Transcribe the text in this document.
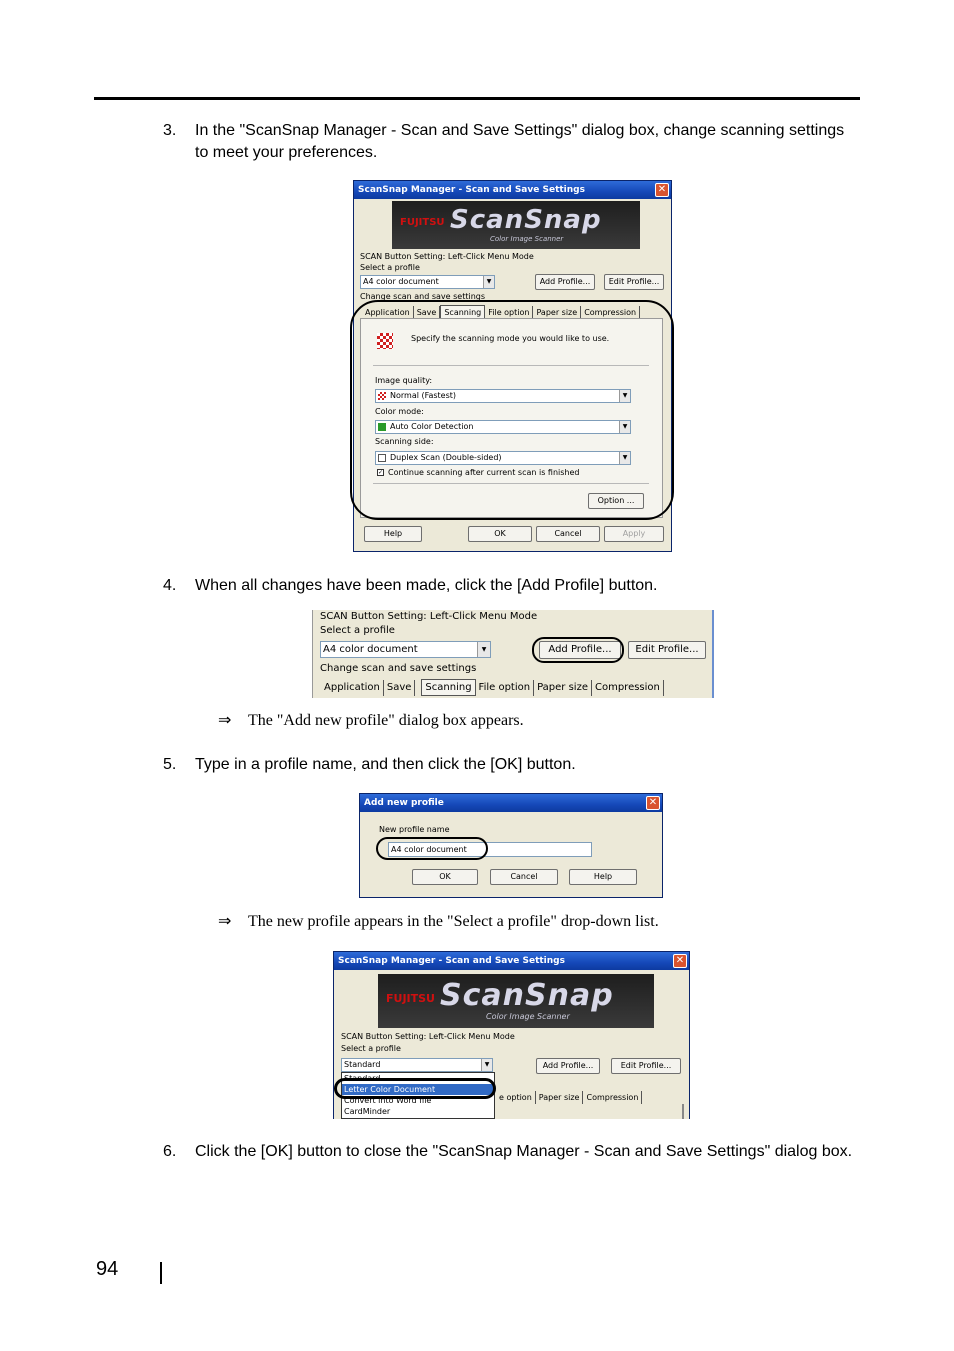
3. In the "ScanSnap Manager - Scan and Save Settings" dialog box, change scanning settings to meet your preferences.
ScanSnap Manager - Scan and Save Settings	✕
FUJITSU ScanSnap
Color Image Scanner
SCAN Button Setting: Left-Click Menu Mode
Select a profile
A4 color document	▼	Add Profile...	Edit Profile...
Change scan and save settings
Application Save Scanning File option Paper size Compression
Specify the scanning mode you would like to use.
Image quality:
Normal (Fastest)	▼
Color mode:
Auto Color Detection	▼
Scanning side:
Duplex Scan (Double-sided)	▼
✓ Continue scanning after current scan is finished
Option ...
Help	OK	Cancel	Apply
4. When all changes have been made, click the [Add Profile] button.
SCAN Button Setting: Left-Click Menu Mode
Select a profile
A4 color document	▼	Add Profile...	Edit Profile...
Change scan and save settings
Application Save Scanning File option Paper size Compression
⇒ The "Add new profile" dialog box appears.
5. Type in a profile name, and then click the [OK] button.
Add new profile	✕
New profile name
A4 color document
OK	Cancel	Help
⇒ The new profile appears in the "Select a profile" drop-down list.
ScanSnap Manager - Scan and Save Settings	✕
FUJITSU ScanSnap
Color Image Scanner
SCAN Button Setting: Left-Click Menu Mode
Select a profile
Standard	▼	Add Profile...	Edit Profile...
e option Paper size Compression
Standard
Letter Color Document
Convert into Word file
CardMinder
6. Click the [OK] button to close the "ScanSnap Manager - Scan and Save Settings" dialog box.
94
